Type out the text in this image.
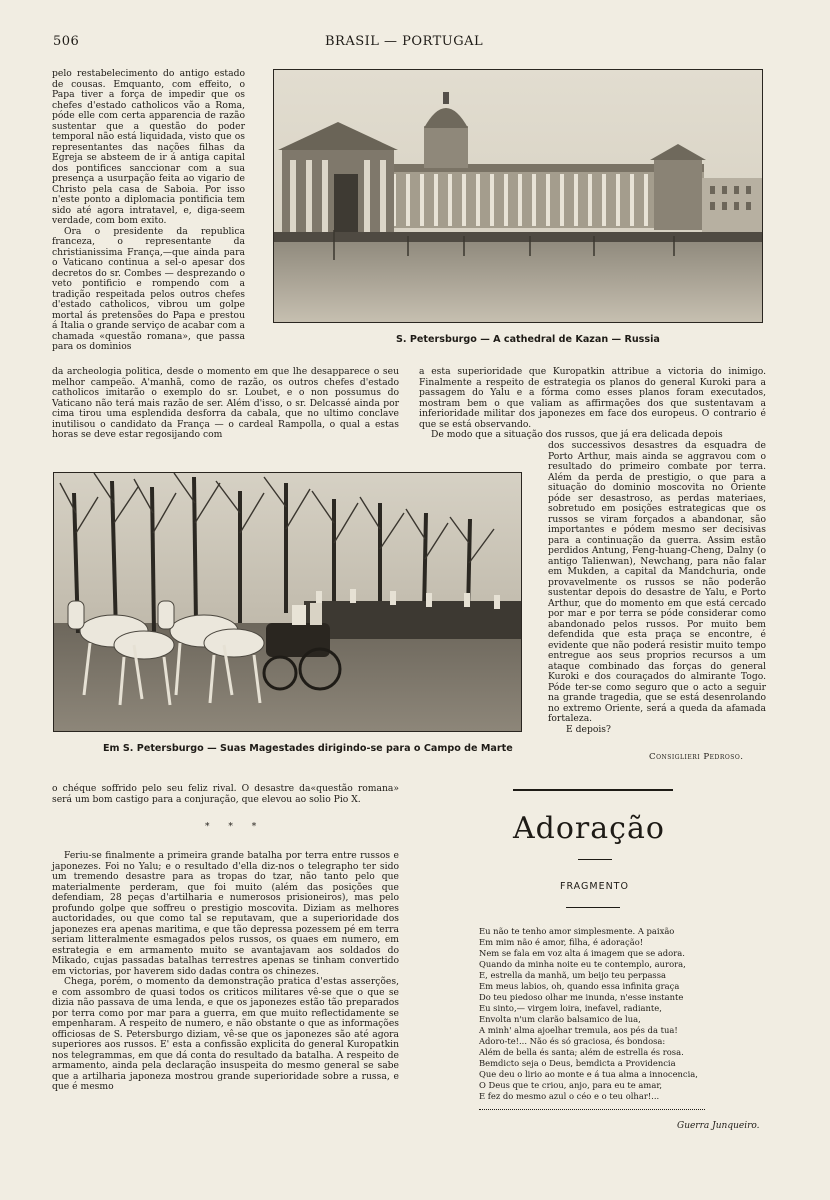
506	BRASIL — PORTUGAL

pelo restabelecimento do antigo estado de cousas. Emquanto, com effeito, o Papa tiver a força de impedir que os chefes d'estado catholicos vão a Roma, póde elle com certa apparencia de razão sustentar que a questão do poder temporal não está liquidada, visto que os representantes das nações filhas da Egreja se absteem de ir á antiga capital dos pontifices sanccionar com a sua presença a usurpação feita ao vigario de Christo pela casa de Saboia. Por isso n'este ponto a diplomacia pontificia tem sido até agora intratavel, e, diga-seem verdade, com bom exito.

Ora o presidente da republica franceza, o representante da christianissima França,—que ainda para o Vaticano continua a sel-o apesar dos decretos do sr. Combes — desprezando o veto pontificio e rompendo com a tradição respeitada pelos outros chefes d'estado catholicos, vibrou um golpe mortal ás pretensões do Papa e prestou á Italia o grande serviço de acabar com a chamada «questão romana», que passa para os dominios

da archeologia politica, desde o momento em que lhe desapparece o seu melhor campeão. A'manhã, como de razão, os outros chefes d'estado catholicos imitarão o exemplo do sr. Loubet, e o non possumus do Vaticano não terá mais razão de ser. Além d'isso, o sr. Delcassé ainda por cima tirou uma esplendida desforra da cabala, que no ultimo conclave inutilisou o candidato da França — o cardeal Rampolla, o qual a estas horas se deve estar regosijando com

S. Petersburgo — A cathedral de Kazan — Russia

a esta superioridade que Kuropatkin attribue a victoria do inimigo. Finalmente a respeito de estrategia os planos do general Kuroki para a passagem do Yalu e a fórma como esses planos foram executados, mostram bem o que valiam as affirmações dos que sustentavam a inferioridade militar dos japonezes em face dos europeus. O contrario é que se está observando.

De modo que a situação dos russos, que já era delicada depois

dos successivos desastres da esquadra de Porto Arthur, mais ainda se aggravou com o resultado do primeiro combate por terra. Além da perda de prestigio, o que para a situação do dominio moscovita no Oriente póde ser desastroso, as perdas materiaes, sobretudo em posições estrategicas que os russos se viram forçados a abandonar, são importantes e pódem mesmo ser decisivas para a continuação da guerra. Assim estão perdidos Antung, Feng-huang-Cheng, Dalny (o antigo Talienwan), Newchang, para não falar em Mukden, a capital da Mandchuria, onde provavelmente os russos se não poderão sustentar depois do desastre de Yalu, e Porto Arthur, que do momento em que está cercado por mar e por terra se póde considerar como abandonado pelos russos. Por muito bem defendida que esta praça se encontre, é evidente que não poderá resistir muito tempo entregue aos seus proprios recursos a um ataque combinado das forças do general Kuroki e dos couraçados do almirante Togo. Póde ter-se como seguro que o acto a seguir na grande tragedia, que se está desenrolando no extremo Oriente, será a queda da afamada fortaleza.

E depois?

Consiglieri Pedroso.
Em S. Petersburgo — Suas Magestades dirigindo-se para o Campo de Marte

o chéque soffrido pelo seu feliz rival. O desastre da«questão romana» será um bom castigo para a conjuração, que elevou ao solio Pio X.

* * *

Feriu-se finalmente a primeira grande batalha por terra entre russos e japonezes. Foi no Yalu; e o resultado d'ella diz-nos o telegrapho ter sido um tremendo desastre para as tropas do tzar, não tanto pelo que materialmente perderam, que foi muito (além das posições que defendiam, 28 peças d'artilharia e numerosos prisioneiros), mas pelo profundo golpe que soffreu o prestigio moscovita. Diziam as melhores auctoridades, ou que como tal se reputavam, que a superioridade dos japonezes era apenas maritima, e que tão depressa pozessem pé em terra seriam litteralmente esmagados pelos russos, os quaes em numero, em estrategia e em armamento muito se avantajavam aos soldados do Mikado, cujas passadas batalhas terrestres apenas se tinham convertido em victorias, por haverem sido dadas contra os chinezes.

Chega, porém, o momento da demonstração pratica d'estas asserções, e com assombro de quasi todos os criticos militares vê-se que o que se dizia não passava de uma lenda, e que os japonezes estão tão preparados por terra como por mar para a guerra, em que muito reflectidamente se empenharam. A respeito de numero, e não obstante o que as informações officiosas de S. Petersburgo diziam, vê-se que os japonezes são até agora superiores aos russos. E' esta a confissão explicita do general Kuropatkin nos telegrammas, em que dá conta do resultado da batalha. A respeito de armamento, ainda pela declaração insuspeita do mesmo general se sabe que a artilharia japoneza mostrou grande superioridade sobre a russa, e que é mesmo

Adoração
FRAGMENTO
Eu não te tenho amor simplesmente. A paixão
Em mim não é amor, filha, é adoração!
Nem se fala em voz alta á imagem que se adora.
Quando da minha noite eu te contemplo, aurora,
E, estrella da manhã, um beijo teu perpassa
Em meus labios, oh, quando essa infinita graça
Do teu piedoso olhar me inunda, n'esse instante
Eu sinto,— virgem loira, inefavel, radiante,
Envolta n'um clarão balsamico de lua,
A minh' alma ajoelhar tremula, aos pés da tua!
Adoro-te!... Não és só graciosa, és bondosa:
Além de bella és santa; além de estrella és rosa.
Bemdicto seja o Deus, bemdicta a Providencia
Que deu o lirio ao monte e á tua alma a innocencia,
O Deus que te criou, anjo, para eu te amar,
E fez do mesmo azul o céo e o teu olhar!...
Guerra Junqueiro.
